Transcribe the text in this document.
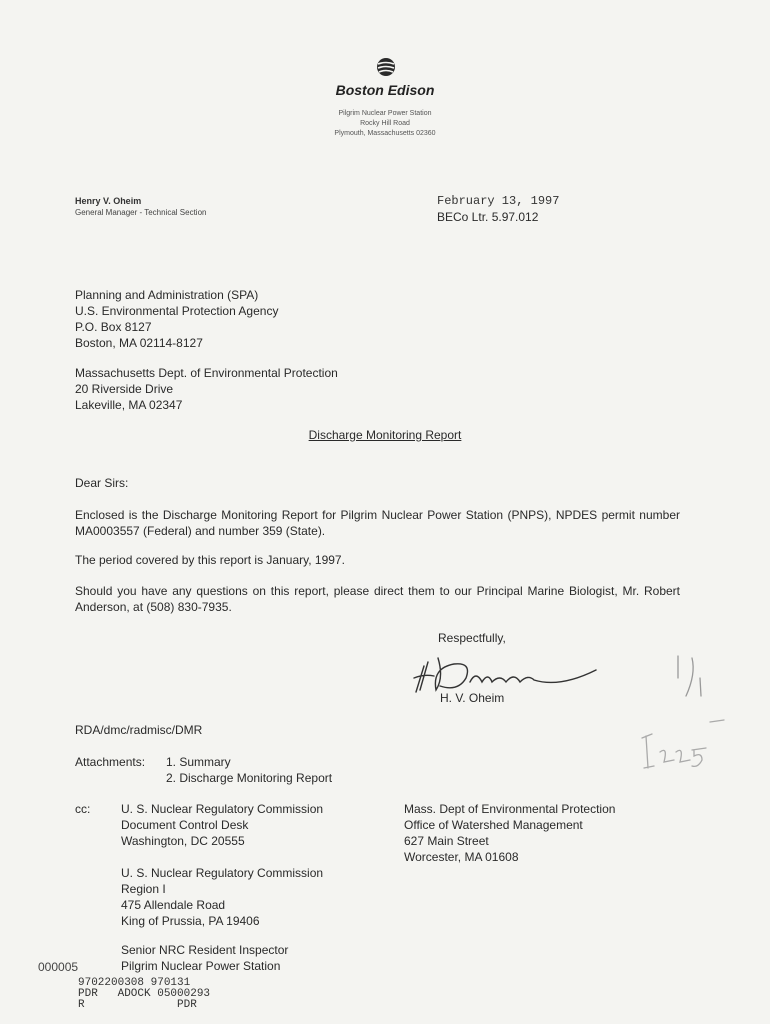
Boston Edison
Pilgrim Nuclear Power Station
Rocky Hill Road
Plymouth, Massachusetts 02360
Henry V. Oheim
General Manager - Technical Section
February 13, 1997
BECo Ltr. 5.97.012
Planning and Administration (SPA)
U.S. Environmental Protection Agency
P.O. Box 8127
Boston, MA 02114-8127
Massachusetts Dept. of Environmental Protection
20 Riverside Drive
Lakeville, MA 02347
Discharge Monitoring Report
Dear Sirs:
Enclosed is the Discharge Monitoring Report for Pilgrim Nuclear Power Station (PNPS), NPDES permit number MA0003557 (Federal) and number 359 (State).
The period covered by this report is January, 1997.
Should you have any questions on this report, please direct them to our Principal Marine Biologist, Mr. Robert Anderson, at (508) 830-7935.
Respectfully,
H. V. Oheim
RDA/dmc/radmisc/DMR
Attachments: 1. Summary
2. Discharge Monitoring Report
cc:	U. S. Nuclear Regulatory Commission
Document Control Desk
Washington, DC 20555
U. S. Nuclear Regulatory Commission
Region I
475 Allendale Road
King of Prussia, PA 19406
Senior NRC Resident Inspector
Pilgrim Nuclear Power Station
Mass. Dept of Environmental Protection
Office of Watershed Management
627 Main Street
Worcester, MA 01608
000005
9702200308 970131
PDR   ADOCK 05000293
R              PDR
